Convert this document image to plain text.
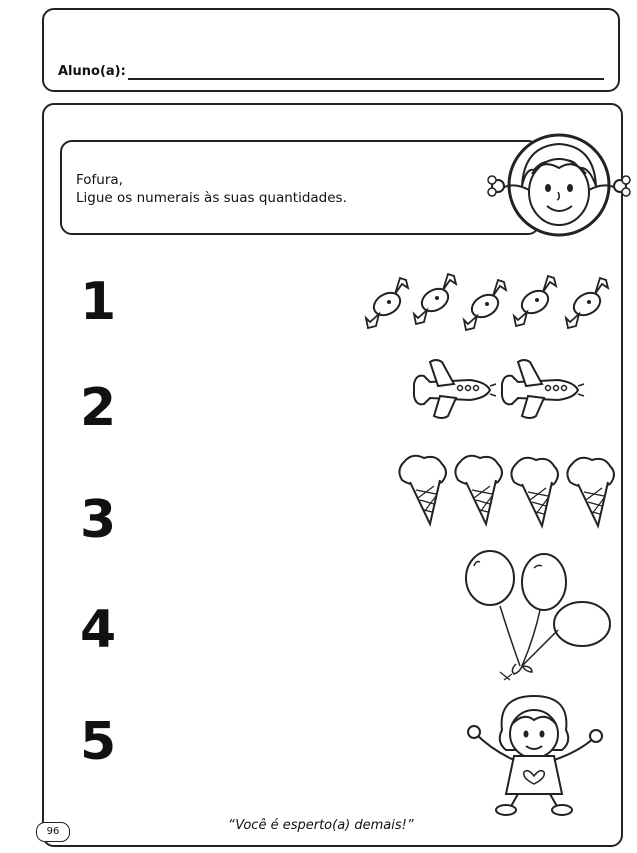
Aluno(a):
Fofura,
Ligue os numerais às suas quantidades.
1
2
3
4
5
96	“Você é esperto(a) demais!”
